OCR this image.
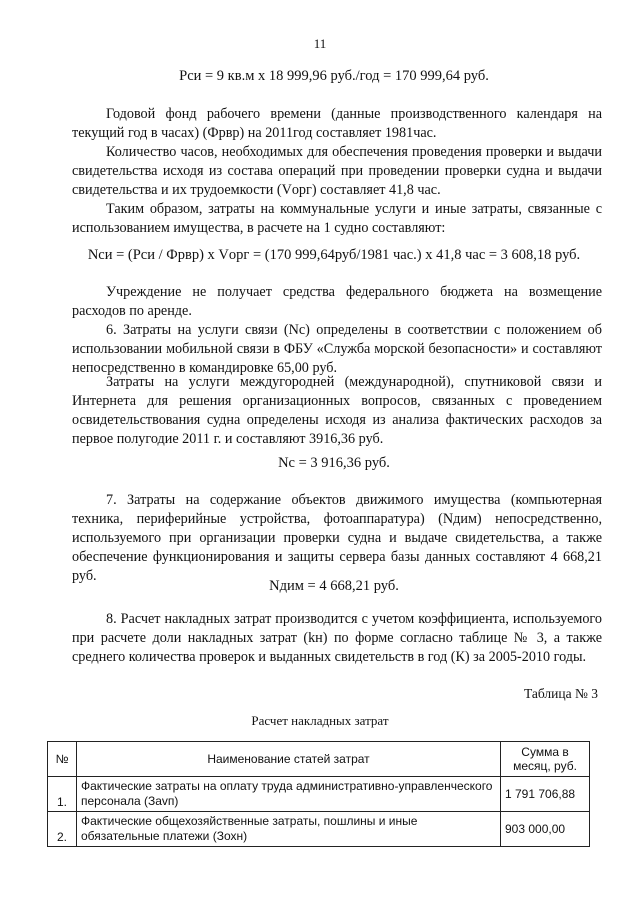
11
Рси = 9 кв.м х 18 999,96 руб./год = 170 999,64 руб.

Годовой фонд рабочего времени (данные производственного календаря на текущий год в часах) (Фрвр) на 2011год составляет 1981час.

Количество часов, необходимых для обеспечения проведения проверки и выдачи свидетельства исходя из состава операций при проведении проверки судна и выдачи свидетельства и их трудоемкости (Vорг) составляет 41,8 час.

Таким образом, затраты на коммунальные услуги и иные затраты, связанные с использованием имущества, в расчете на 1 судно составляют:

Nси = (Рси / Фрвр) х Vорг = (170 999,64руб/1981 час.) х 41,8 час = 3 608,18 руб.

Учреждение не получает средства федерального бюджета на возмещение расходов по аренде.

6. Затраты на услуги связи (Nс) определены в соответствии с положением об использовании мобильной связи в ФБУ «Служба морской безопасности» и составляют непосредственно в командировке 65,00 руб.

Затраты на услуги междугородней (международной), спутниковой связи и Интернета для решения организационных вопросов, связанных с проведением освидетельствования судна определены исходя из анализа фактических расходов за первое полугодие 2011 г. и составляют 3916,36 руб.

Nс = 3 916,36 руб.

7. Затраты на содержание объектов движимого имущества (компьютерная техника, периферийные устройства, фотоаппаратура) (Nдим) непосредственно, используемого при организации проверки судна и выдаче свидетельства, а также обеспечение функционирования и защиты сервера базы данных составляют 4 668,21 руб.

Nдим = 4 668,21 руб.

8. Расчет накладных затрат производится с учетом коэффициента, используемого при расчете доли накладных затрат (kн) по форме согласно таблице № 3, а также среднего количества проверок и выданных свидетельств в год (К) за 2005-2010 годы.

Таблица № 3
Расчет накладных затрат
№	Наименование статей затрат	Сумма в месяц, руб.
1.	Фактические затраты на оплату труда административно-управленческого персонала (Заvп)	1 791 706,88
2.	Фактические общехозяйственные затраты, пошлины и иные обязательные платежи (Зохн)	903 000,00
